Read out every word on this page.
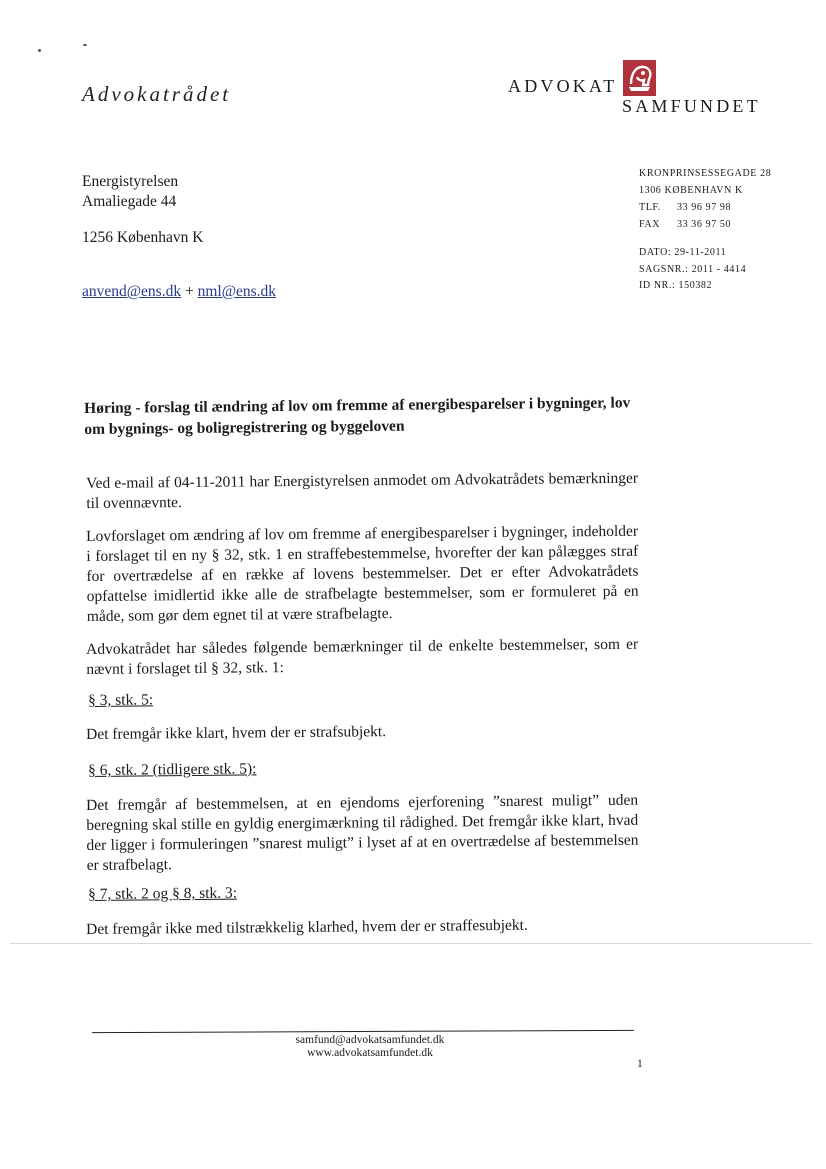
Advokatrådet	ADVOKAT
SAMFUNDET
Energistyrelsen
Amaliegade 44
1256 København K
anvend@ens.dk + nml@ens.dk
KRONPRINSESSEGADE 28
1306 KØBENHAVN K
TLF. 33 96 97 98
FAX 33 36 97 50
DATO: 29-11-2011
SAGSNR.: 2011 - 4414
ID NR.: 150382
Høring - forslag til ændring af lov om fremme af energibesparelser i bygninger, lov om bygnings- og boligregistrering og byggeloven
Ved e-mail af 04-11-2011 har Energistyrelsen anmodet om Advokatrådets bemærkninger til ovennævnte.
Lovforslaget om ændring af lov om fremme af energibesparelser i bygninger, indeholder i forslaget til en ny § 32, stk. 1 en straffebestemmelse, hvorefter der kan pålægges straf for overtrædelse af en række af lovens bestemmelser. Det er efter Advokatrådets opfattelse imidlertid ikke alle de strafbelagte bestemmelser, som er formuleret på en måde, som gør dem egnet til at være strafbelagte.
Advokatrådet har således følgende bemærkninger til de enkelte bestemmelser, som er nævnt i forslaget til § 32, stk. 1:
§ 3, stk. 5:
Det fremgår ikke klart, hvem der er strafsubjekt.
§ 6, stk. 2 (tidligere stk. 5):
Det fremgår af bestemmelsen, at en ejendoms ejerforening ”snarest muligt” uden beregning skal stille en gyldig energimærkning til rådighed. Det fremgår ikke klart, hvad der ligger i formuleringen ”snarest muligt” i lyset af at en overtrædelse af bestemmelsen er strafbelagt.
§ 7, stk. 2 og § 8, stk. 3:
Det fremgår ikke med tilstrækkelig klarhed, hvem der er straffesubjekt.
samfund@advokatsamfundet.dk
www.advokatsamfundet.dk
1
